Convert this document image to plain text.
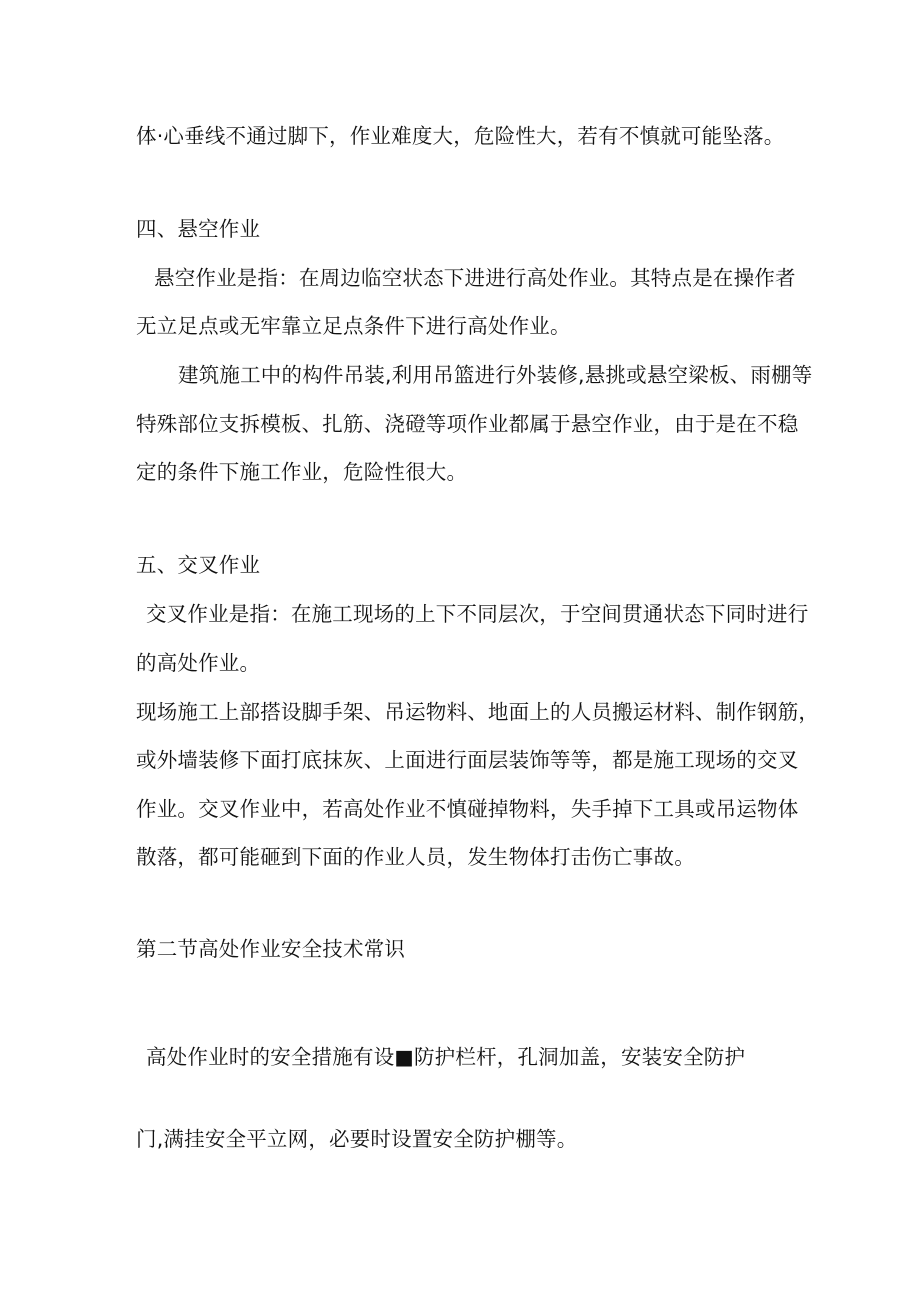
体·心垂线不通过脚下，作业难度大，危险性大，若有不慎就可能坠落。
四、悬空作业
悬空作业是指：在周边临空状态下进进行高处作业。其特点是在操作者
无立足点或无牢靠立足点条件下进行高处作业。
建筑施工中的构件吊装,利用吊篮进行外装修,悬挑或悬空梁板、雨棚等
特殊部位支拆模板、扎筋、浇磴等项作业都属于悬空作业，由于是在不稳
定的条件下施工作业，危险性很大。
五、交叉作业
交叉作业是指：在施工现场的上下不同层次，于空间贯通状态下同时进行
的高处作业。
现场施工上部搭设脚手架、吊运物料、地面上的人员搬运材料、制作钢筋，
或外墙装修下面打底抹灰、上面进行面层装饰等等，都是施工现场的交叉
作业。交叉作业中，若高处作业不慎碰掉物料，失手掉下工具或吊运物体
散落，都可能砸到下面的作业人员，发生物体打击伤亡事故。
第二节高处作业安全技术常识
高处作业时的安全措施有设■防护栏杆，孔洞加盖，安装安全防护
门,满挂安全平立网，必要时设置安全防护棚等。
